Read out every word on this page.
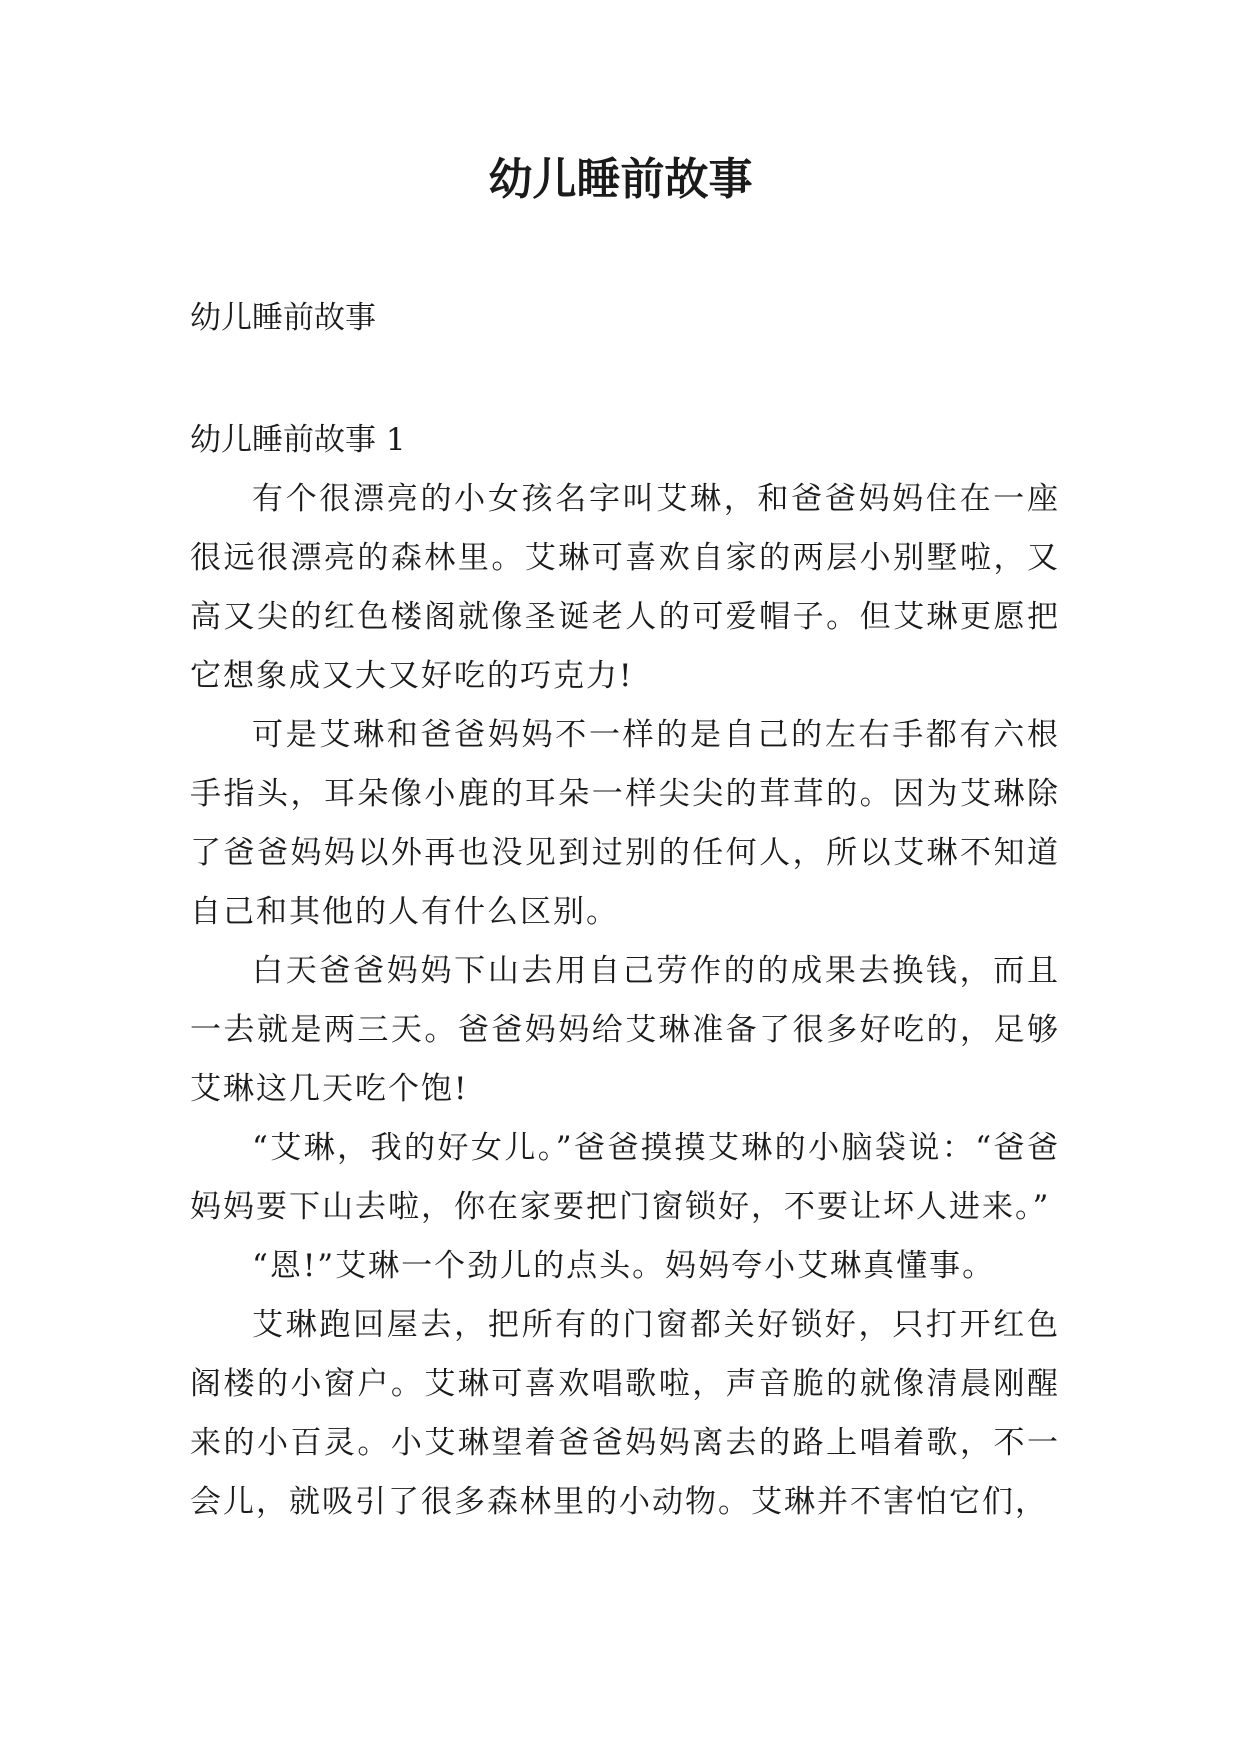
幼儿睡前故事

幼儿睡前故事

幼儿睡前故事 1

有个很漂亮的小女孩名字叫艾琳，和爸爸妈妈住在一座很远很漂亮的森林里。艾琳可喜欢自家的两层小别墅啦，又高又尖的红色楼阁就像圣诞老人的可爱帽子。但艾琳更愿把它想象成又大又好吃的巧克力!

可是艾琳和爸爸妈妈不一样的是自己的左右手都有六根手指头，耳朵像小鹿的耳朵一样尖尖的茸茸的。因为艾琳除了爸爸妈妈以外再也没见到过别的任何人，所以艾琳不知道自己和其他的人有什么区别。

白天爸爸妈妈下山去用自己劳作的的成果去换钱，而且一去就是两三天。爸爸妈妈给艾琳准备了很多好吃的，足够艾琳这几天吃个饱!

“艾琳，我的好女儿。”爸爸摸摸艾琳的小脑袋说：“爸爸妈妈要下山去啦，你在家要把门窗锁好，不要让坏人进来。”

“恩!”艾琳一个劲儿的点头。妈妈夸小艾琳真懂事。

艾琳跑回屋去，把所有的门窗都关好锁好，只打开红色阁楼的小窗户。艾琳可喜欢唱歌啦，声音脆的就像清晨刚醒来的小百灵。小艾琳望着爸爸妈妈离去的路上唱着歌，不一会儿，就吸引了很多森林里的小动物。艾琳并不害怕它们，
